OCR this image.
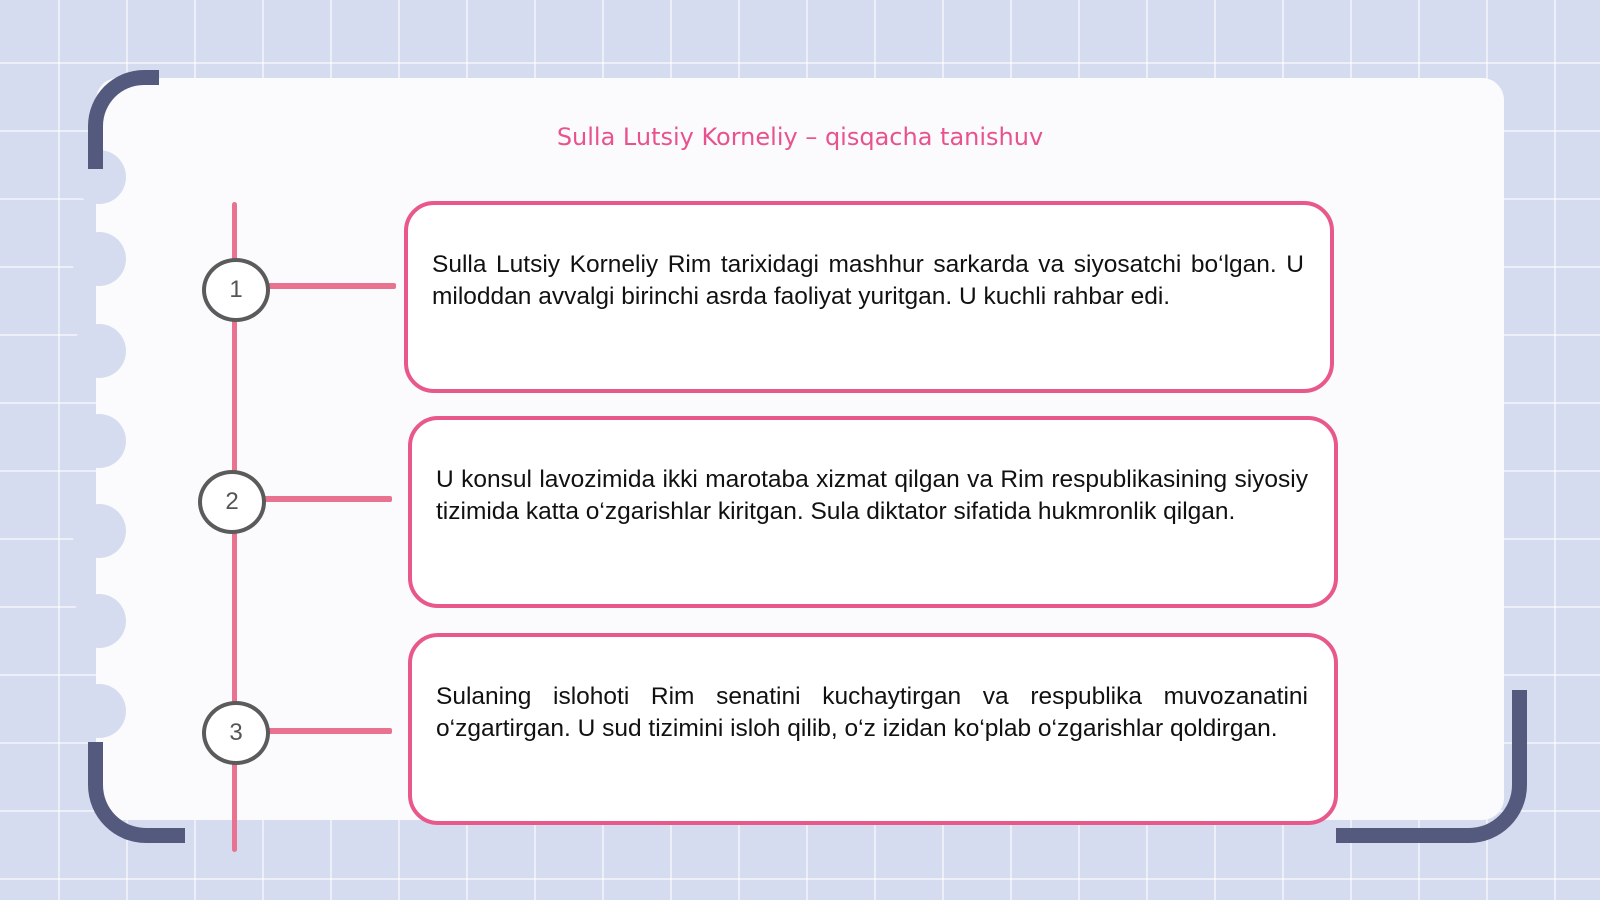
Sulla Lutsiy Korneliy – qisqacha tanishuv
1
2
3

Sulla Lutsiy Korneliy Rim tarixidagi mashhur sarkarda va siyosatchi bo‘lgan. U miloddan avvalgi birinchi asrda faoliyat yuritgan. U kuchli rahbar edi.

U konsul lavozimida ikki marotaba xizmat qilgan va Rim respublikasining siyosiy tizimida katta o‘zgarishlar kiritgan. Sula diktator sifatida hukmronlik qilgan.

Sulaning islohoti Rim senatini kuchaytirgan va respublika muvozanatini o‘zgartirgan. U sud tizimini isloh qilib, o‘z izidan ko‘plab o‘zgarishlar qoldirgan.
